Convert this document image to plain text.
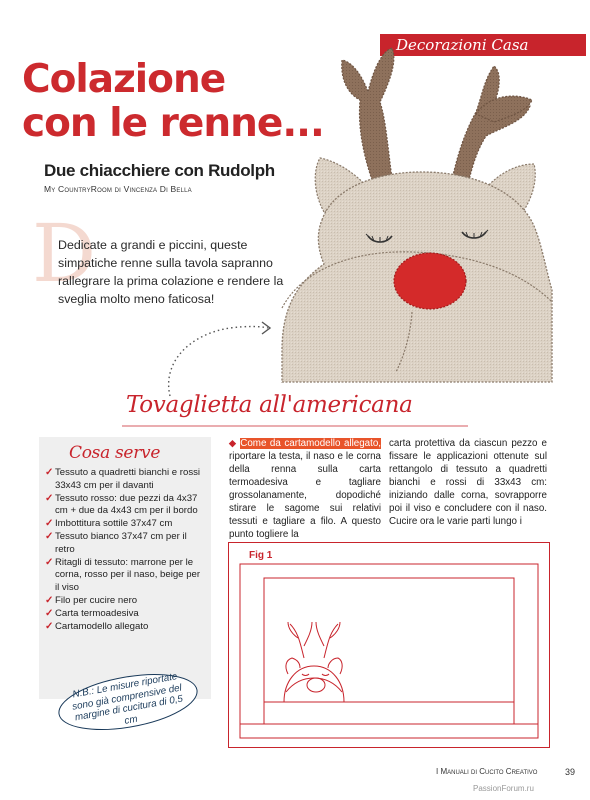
Decorazioni Casa
Colazione
con le renne...
Due chiacchiere con Rudolph
My CountryRoom di Vincenza Di Bella
D

Dedicate a grandi e piccini, queste simpatiche renne sulla tavola sapranno rallegrare la prima colazione e rendere la sveglia molto meno faticosa!

Tovaglietta all'americana
Cosa serve
✓ Tessuto a quadretti bianchi e rossi 33x43 cm per il davanti
✓ Tessuto rosso: due pezzi da 4x37 cm + due da 4x43 cm per il bordo
✓ Imbottitura sottile 37x47 cm
✓ Tessuto bianco 37x47 cm per il retro
✓ Ritagli di tessuto: marrone per le corna, rosso per il naso, beige per il viso
✓ Filo per cucire nero
✓ Carta termoadesiva
✓ Cartamodello allegato
N.B.: Le misure riportate sono già comprensive del margine di cucitura di 0,5 cm
◆ Come da cartamodello allegato, riportare la testa, il naso e le corna della renna sulla carta termoadesiva e tagliare grossolanamente, dopodiché stirare le sagome sui relativi tessuti e tagliare a filo. A questo punto togliere la
carta protettiva da ciascun pezzo e fissare le applicazioni ottenute sul rettangolo di tessuto a quadretti bianchi e rossi di 33x43 cm: iniziando dalle corna, sovrapporre poi il viso e concludere con il naso. Cucire ora le varie parti lungo i
Fig 1
I Manuali di Cucito Creativo	39
PassionForum.ru
